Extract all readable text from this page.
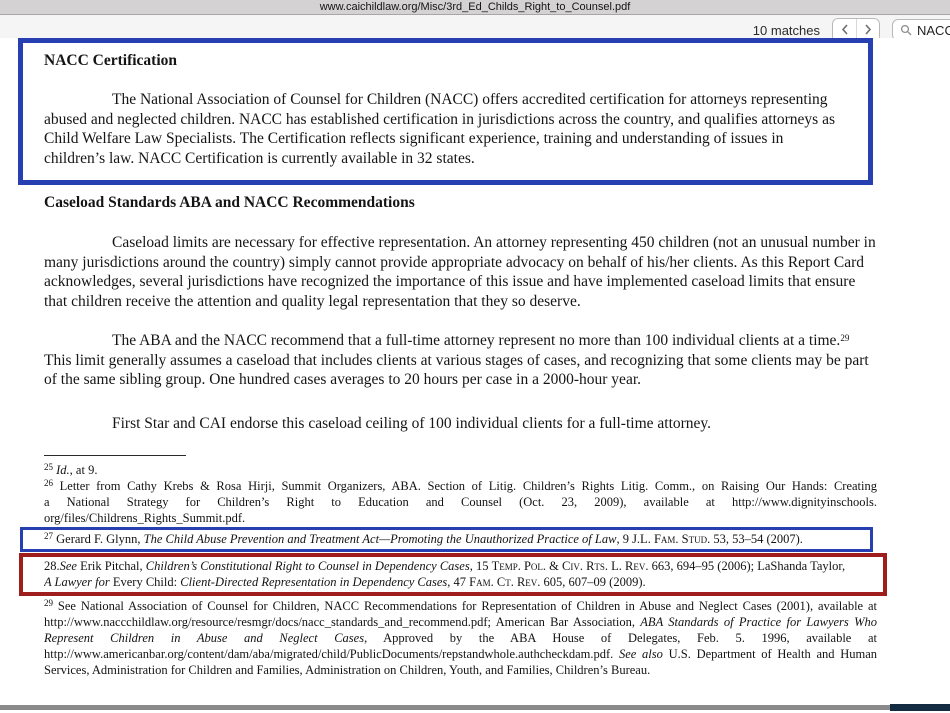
www.caichildlaw.org/Misc/3rd_Ed_Childs_Right_to_Counsel.pdf
10 matches
NACC
NACC Certification

The National Association of Counsel for Children (NACC) offers accredited certification for attorneys representing abused and neglected children. NACC has established certification in jurisdictions across the country, and qualifies attorneys as Child Welfare Law Specialists. The Certification reflects significant experience, training and understanding of issues in children’s law. NACC Certification is currently available in 32 states.

Caseload Standards ABA and NACC Recommendations

Caseload limits are necessary for effective representation. An attorney representing 450 children (not an unusual number in many jurisdictions around the country) simply cannot provide appropriate advocacy on behalf of his/her clients. As this Report Card acknowledges, several jurisdictions have recognized the importance of this issue and have implemented caseload limits that ensure that children receive the attention and quality legal representation that they so deserve.

The ABA and the NACC recommend that a full-time attorney represent no more than 100 individual clients at a time.$^{29}$ This limit generally assumes a caseload that includes clients at various stages of cases, and recognizing that some clients may be part of the same sibling group. One hundred cases averages to 20 hours per case in a 2000-hour year.

First Star and CAI endorse this caseload ceiling of 100 individual clients for a full-time attorney.

$^{25}$ Id., at 9.

$^{26}$ Letter from Cathy Krebs & Rosa Hirji, Summit Organizers, ABA. Section of Litig. Children’s Rights Litig. Comm., on Raising Our Hands: Creating
a National Strategy for Children’s Right to Education and Counsel (Oct. 23, 2009), available at http://www.dignityinschools.
org/files/Childrens_Rights_Summit.pdf.

$^{27}$ Gerard F. Glynn, The Child Abuse Prevention and Treatment Act—Promoting the Unauthorized Practice of Law, 9 J.L. Fam. Stud. 53, 53–54 (2007).

28.See Erik Pitchal, Children’s Constitutional Right to Counsel in Dependency Cases, 15 Temp. Pol. & Civ. Rts. L. Rev. 663, 694–95 (2006); LaShanda Taylor,

A Lawyer for Every Child: Client-Directed Representation in Dependency Cases, 47 Fam. Ct. Rev. 605, 607–09 (2009).

$^{29}$ See National Association of Counsel for Children, NACC Recommendations for Representation of Children in Abuse and Neglect Cases (2001), available at http://www.naccchildlaw.org/resource/resmgr/docs/nacc_standards_and_recommend.pdf; American Bar Association, ABA Standards of Practice for Lawyers Who Represent Children in Abuse and Neglect Cases, Approved by the ABA House of Delegates, Feb. 5. 1996, available at http://www.americanbar.org/content/dam/aba/migrated/child/PublicDocuments/repstandwhole.authcheckdam.pdf. See also U.S. Department of Health and Human Services, Administration for Children and Families, Administration on Children, Youth, and Families, Children’s Bureau.
